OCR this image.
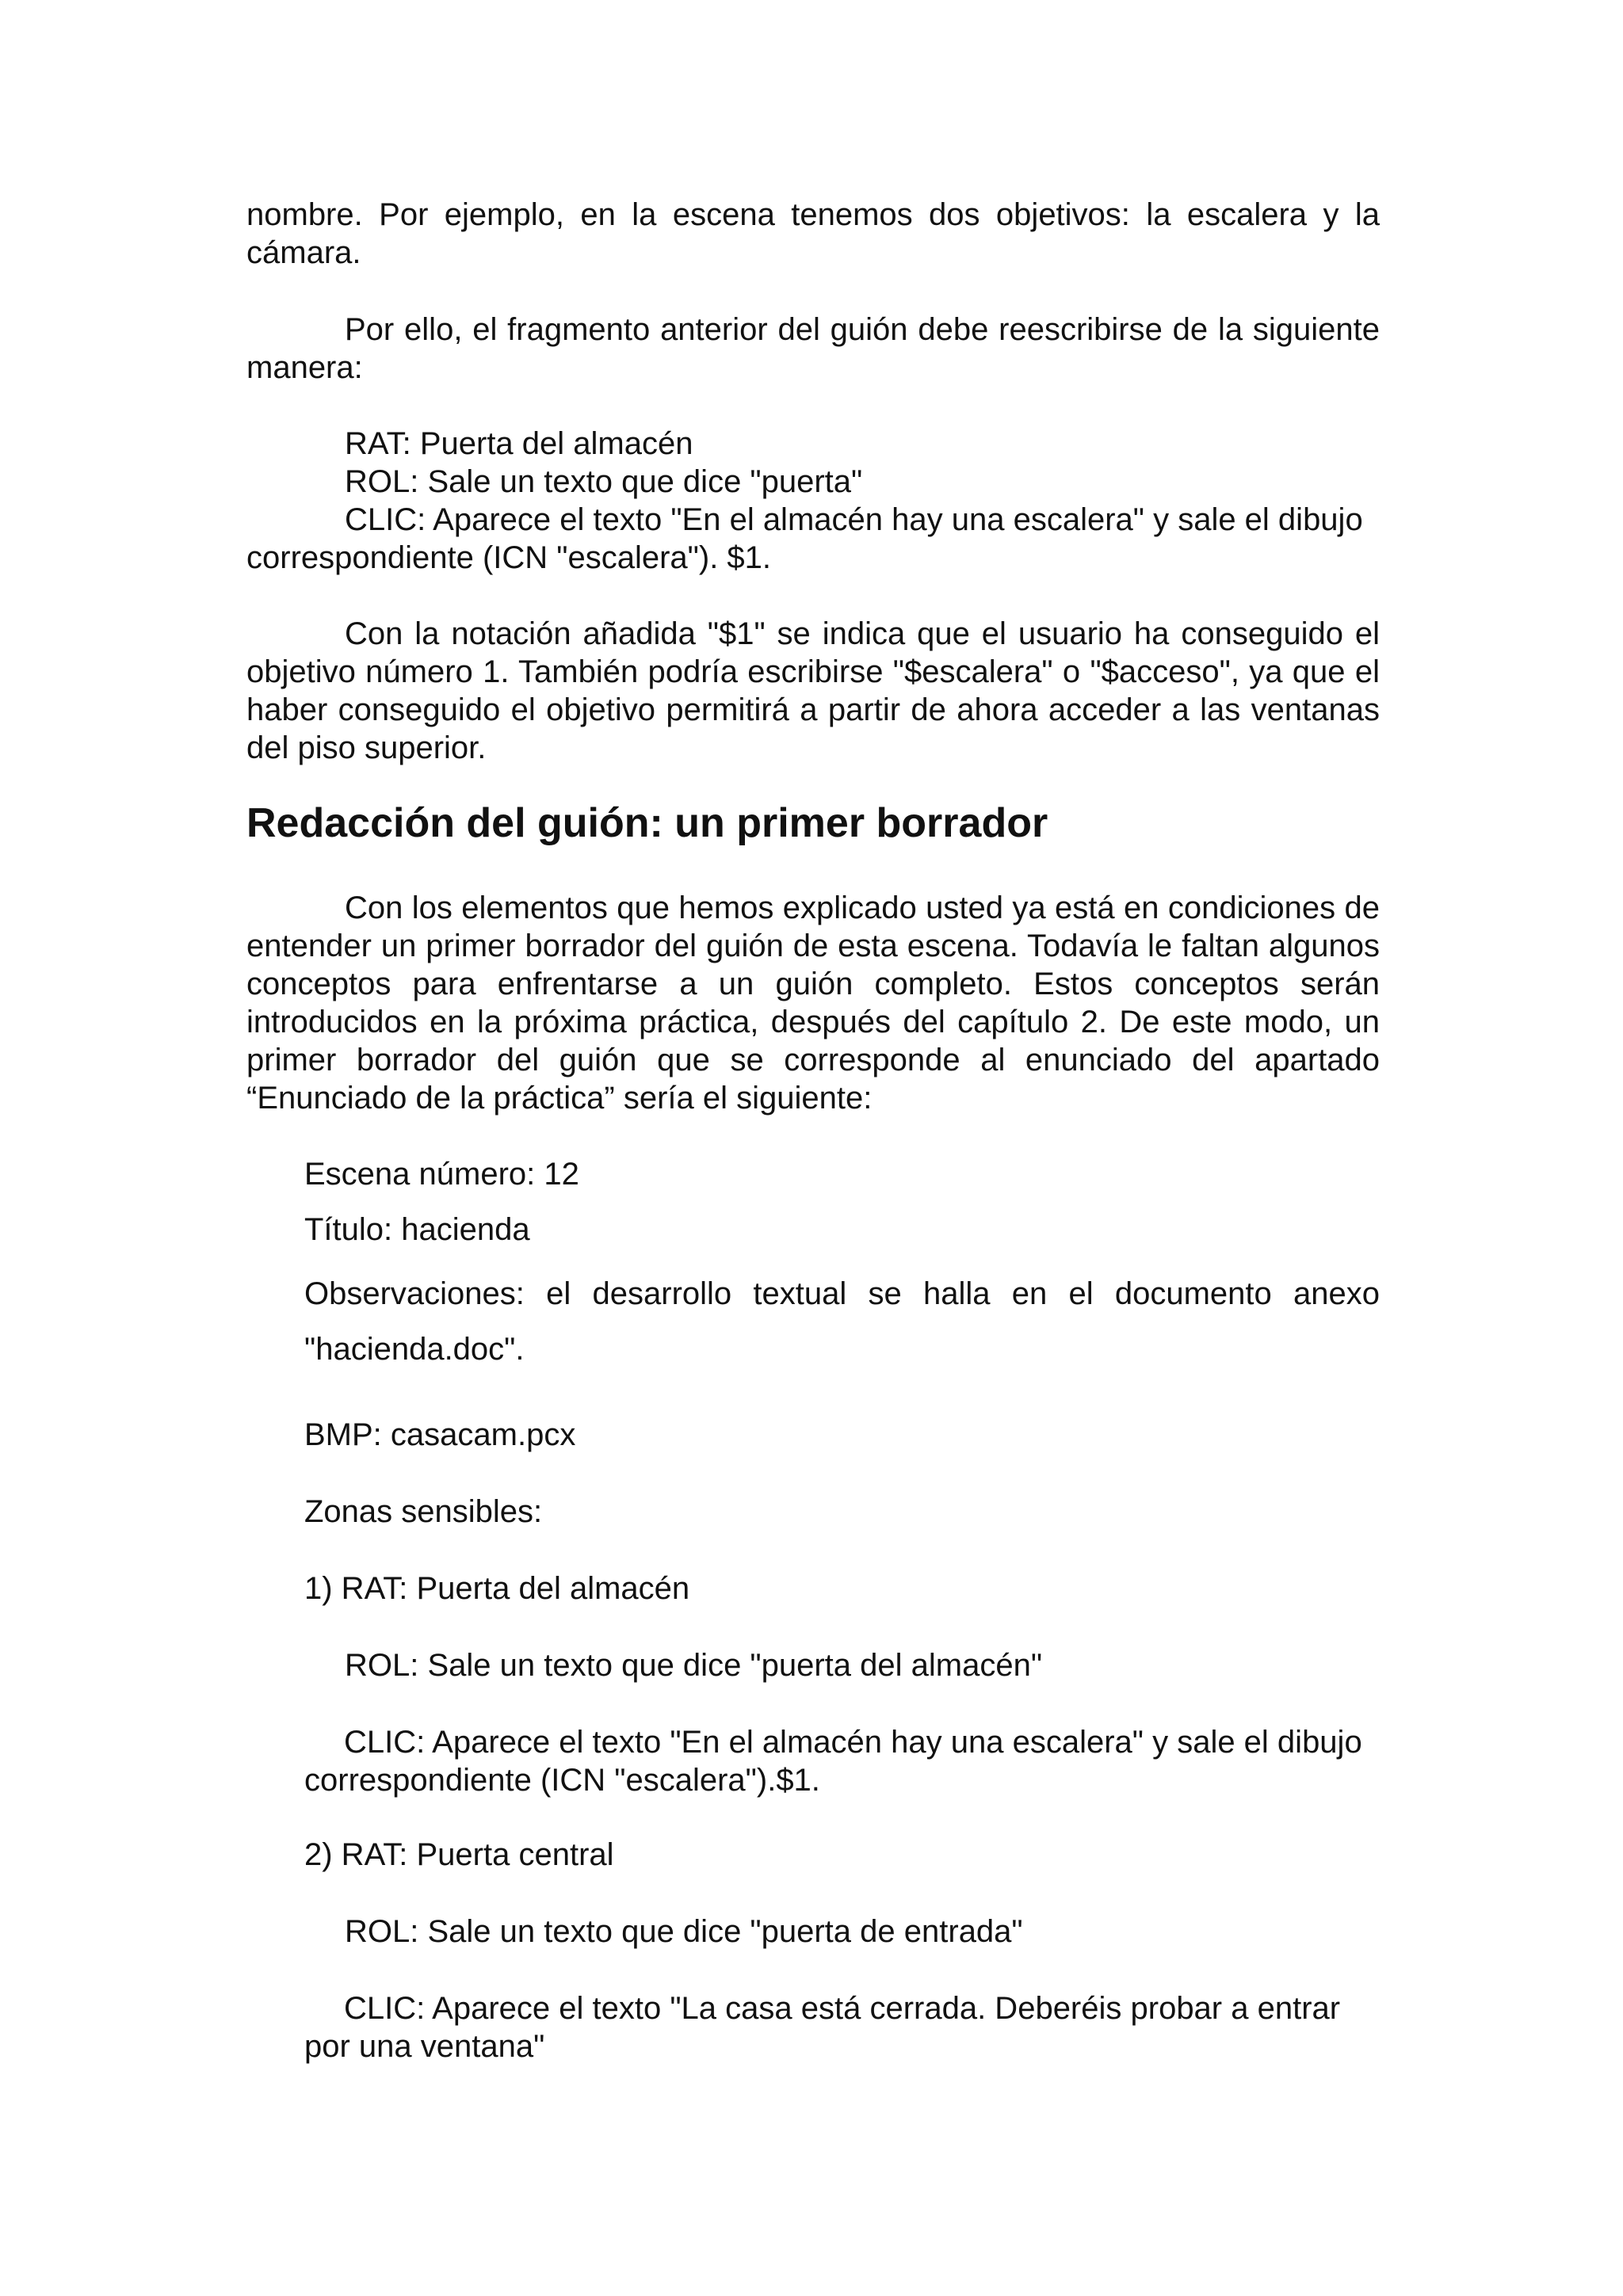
nombre. Por ejemplo, en la escena tenemos dos objetivos: la escalera y la cámara.

Por ello, el fragmento anterior del guión debe reescribirse de la siguiente manera:

RAT: Puerta del almacén

ROL: Sale un texto que dice "puerta"

CLIC: Aparece el texto "En el almacén hay una escalera" y sale el dibujo correspondiente (ICN "escalera"). $1.

Con la notación añadida "$1" se indica que el usuario ha conseguido el objetivo número 1. También podría escribirse "$escalera" o "$acceso", ya que el haber conseguido el objetivo permitirá a partir de ahora acceder a las ventanas del piso superior.

Redacción del guión: un primer borrador

Con los elementos que hemos explicado usted ya está en condiciones de entender un primer borrador del guión de esta escena. Todavía le faltan algunos conceptos para enfrentarse a un guión completo. Estos conceptos serán introducidos en la próxima práctica, después del capítulo 2. De este modo, un primer borrador del guión que se corresponde al enunciado del apartado “Enunciado de la práctica” sería el siguiente:

Escena número: 12

Título: hacienda

Observaciones: el desarrollo textual se halla en el documento anexo "hacienda.doc".

BMP: casacam.pcx

Zonas sensibles:

1) RAT: Puerta del almacén

ROL: Sale un texto que dice "puerta del almacén"

CLIC: Aparece el texto "En el almacén hay una escalera" y sale el dibujo correspondiente (ICN "escalera").$1.

2) RAT: Puerta central

ROL: Sale un texto que dice "puerta de entrada"

CLIC: Aparece el texto "La casa está cerrada. Deberéis probar a entrar por una ventana"
